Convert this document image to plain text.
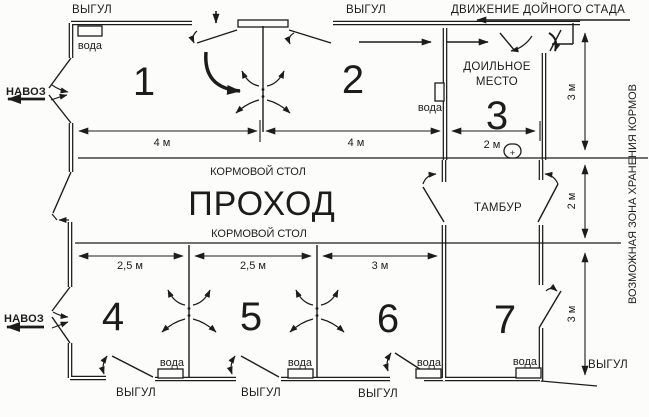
+
ВЫГУЛ	ВЫГУЛ	ДВИЖЕНИЕ ДОЙНОГО СТАДА
НАВОЗ
НАВОЗ
вода
вода
вода	вода	вода	вода
ДОИЛЬНОЕ
МЕСТО
КОРМОВОЙ СТОЛ
КОРМОВОЙ СТОЛ
ПРОХОД	ТАМБУР
1	2
3
4	5	6 7
4 м	4 м	2 м
2,5 м	2,5 м	3 м
3 м
2 м
3 м
ВЫГУЛ	ВЫГУЛ	ВЫГУЛ
ВЫГУЛ
ВОЗМОЖНАЯ ЗОНА ХРАНЕНИЯ КОРМОВ
